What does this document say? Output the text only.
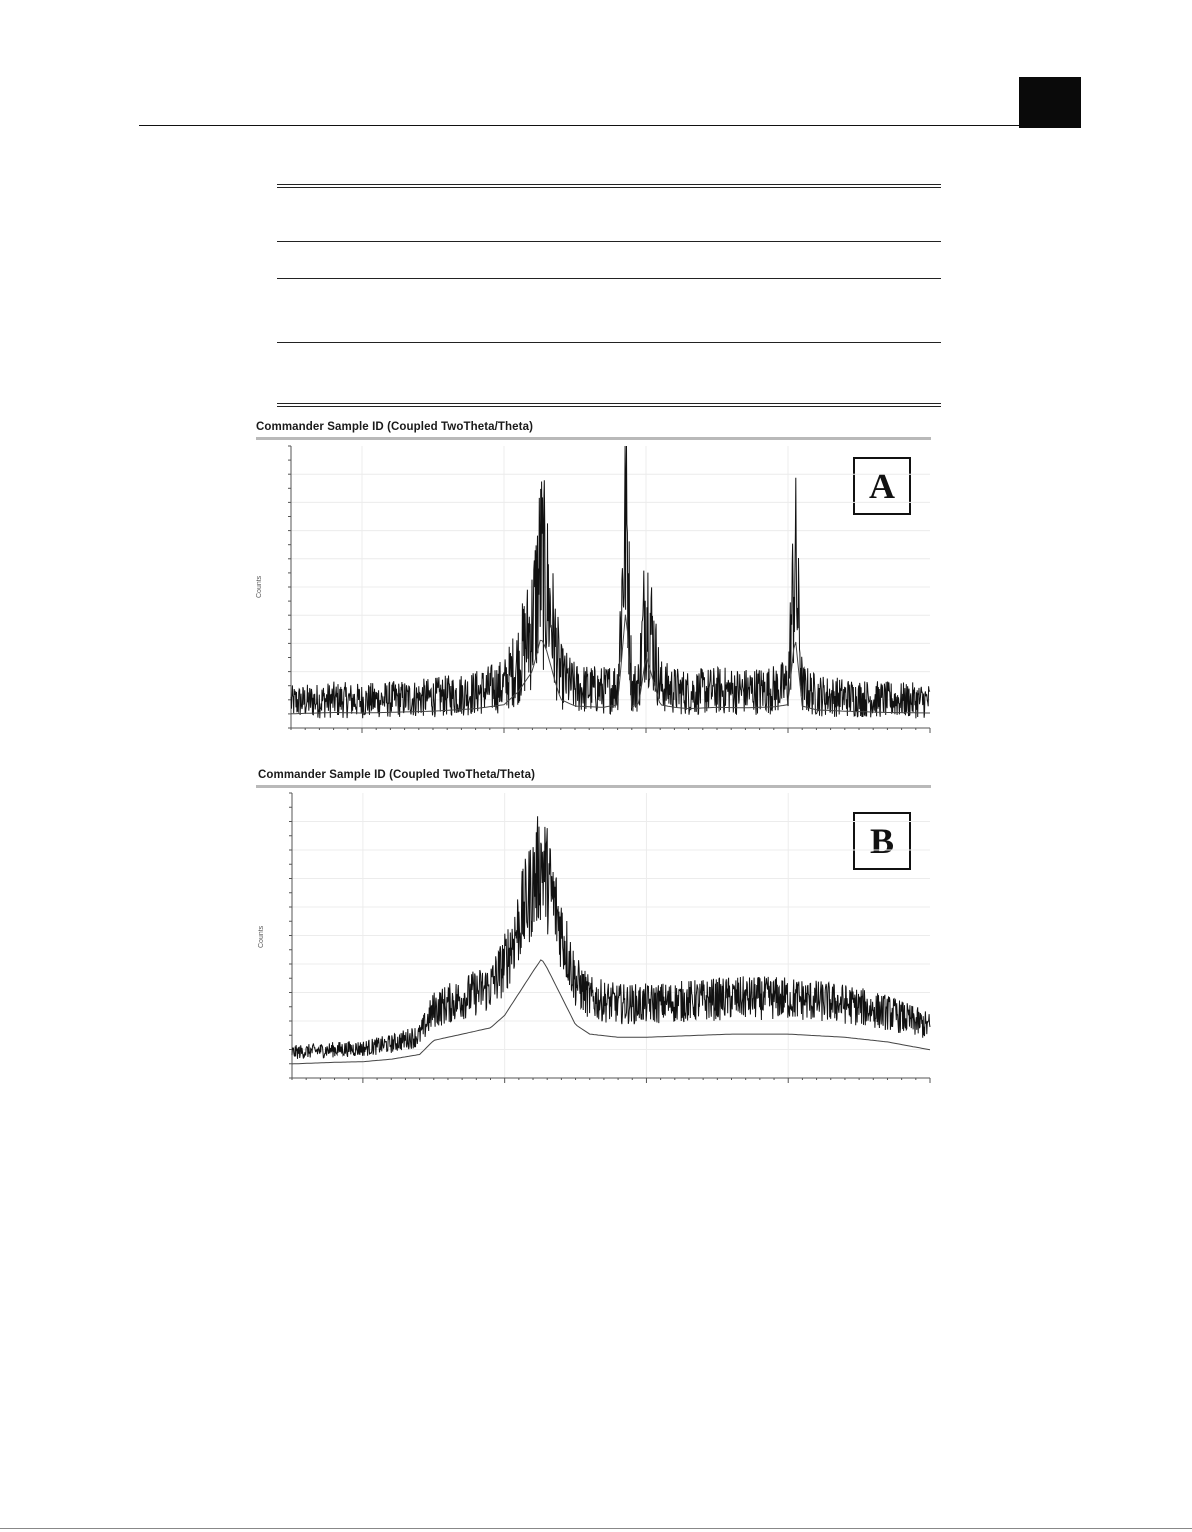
Commander Sample ID (Coupled TwoTheta/Theta)
Counts
A
Commander Sample ID (Coupled TwoTheta/Theta)
Counts
B
